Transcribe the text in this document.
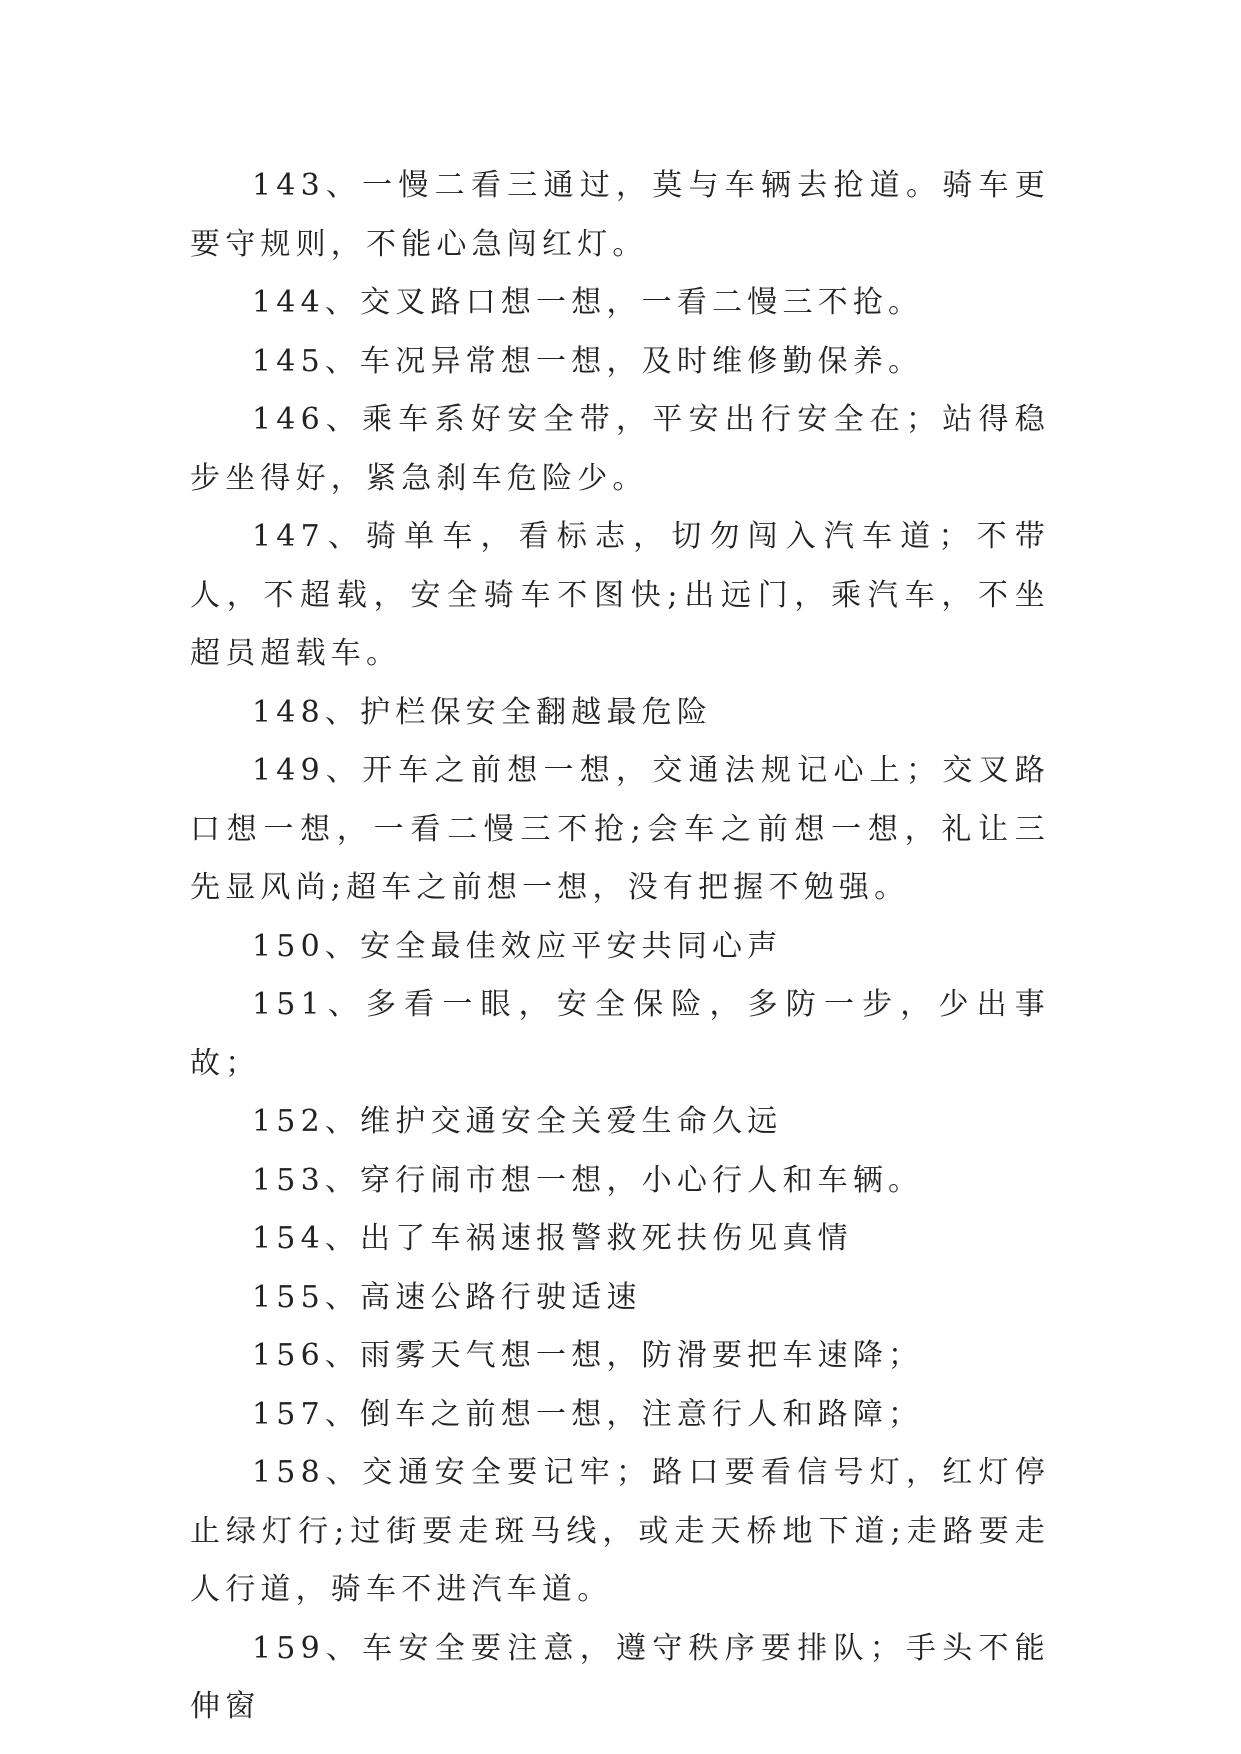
143、一慢二看三通过，莫与车辆去抢道。骑车更要守规则，不能心急闯红灯。

144、交叉路口想一想，一看二慢三不抢。

145、车况异常想一想，及时维修勤保养。

146、乘车系好安全带，平安出行安全在；站得稳步坐得好，紧急刹车危险少。

147、骑单车，看标志，切勿闯入汽车道；不带人，不超载，安全骑车不图快;出远门，乘汽车，不坐超员超载车。

148、护栏保安全翻越最危险

149、开车之前想一想，交通法规记心上；交叉路口想一想，一看二慢三不抢;会车之前想一想，礼让三先显风尚;超车之前想一想，没有把握不勉强。

150、安全最佳效应平安共同心声

151、多看一眼，安全保险，多防一步，少出事故；

152、维护交通安全关爱生命久远

153、穿行闹市想一想，小心行人和车辆。

154、出了车祸速报警救死扶伤见真情

155、高速公路行驶适速

156、雨雾天气想一想，防滑要把车速降；

157、倒车之前想一想，注意行人和路障；

158、交通安全要记牢；路口要看信号灯，红灯停止绿灯行;过街要走斑马线，或走天桥地下道;走路要走人行道，骑车不进汽车道。

159、车安全要注意，遵守秩序要排队；手头不能伸窗
